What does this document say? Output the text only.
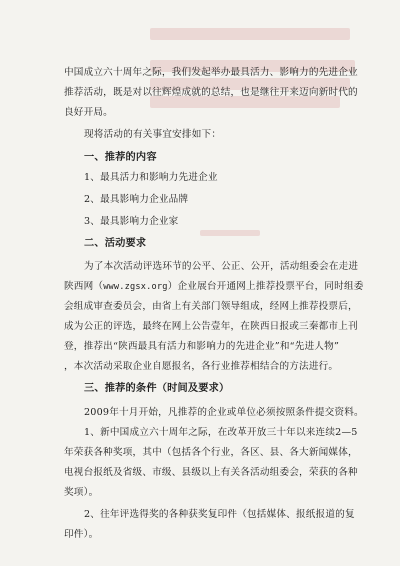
中国成立六十周年之际，我们发起举办最具活力、影响力的先进企业
推荐活动，既是对以往辉煌成就的总结，也是继往开来迈向新时代的
良好开局。
现将活动的有关事宜安排如下：
一、推荐的内容
1、最具活力和影响力先进企业
2、最具影响力企业品牌
3、最具影响力企业家
二、活动要求
为了本次活动评选环节的公平、公正、公开，活动组委会在走进
陕西网（www.zgsx.org）企业展台开通网上推荐投票平台，同时组委
会组成审查委员会，由省上有关部门领导组成，经网上推荐投票后，
成为公正的评选，最终在网上公告壹年，在陕西日报或三秦都市上刊
登，推荐出“陕西最具有活力和影响力的先进企业”和“先进人物”
，本次活动采取企业自愿报名，各行业推荐相结合的方法进行。
三、推荐的条件（时间及要求）
2009年十月开始，凡推荐的企业或单位必须按照条件提交资料。
1、新中国成立六十周年之际，在改革开放三十年以来连续2—5
年荣获各种奖项，其中（包括各个行业，各区、县、各大新闻媒体，
电视台报纸及省级、市级、县级以上有关各活动组委会，荣获的各种
奖项）。
2、往年评选得奖的各种获奖复印件（包括媒体、报纸报道的复
印件）。
